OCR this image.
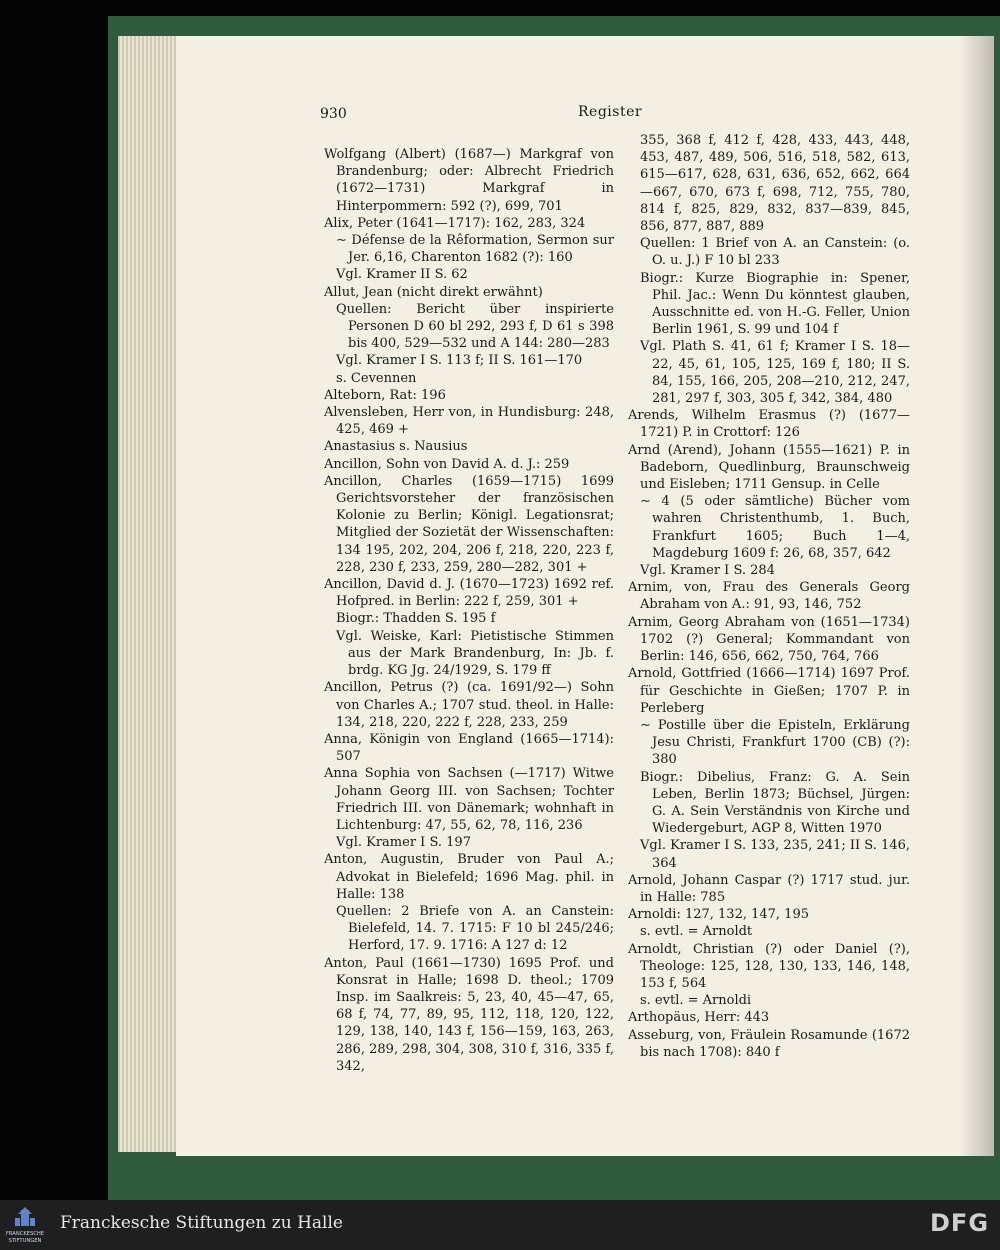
930	Register

Wolfgang (Albert) (1687—) Markgraf von Brandenburg; oder: Albrecht Friedrich (1672—1731) Markgraf in Hinterpommern: 592 (?), 699, 701

Alix, Peter (1641—1717): 162, 283, 324

∼ Défense de la Rêformation, Sermon sur Jer. 6,16, Charenton 1682 (?): 160

Vgl. Kramer II S. 62

Allut, Jean (nicht direkt erwähnt)

Quellen: Bericht über inspirierte Personen D 60 bl 292, 293 f, D 61 s 398 bis 400, 529—532 und A 144: 280—283

Vgl. Kramer I S. 113 f; II S. 161—170

s. Cevennen

Alteborn, Rat: 196

Alvensleben, Herr von, in Hundisburg: 248, 425, 469 +

Anastasius s. Nausius

Ancillon, Sohn von David A. d. J.: 259

Ancillon, Charles (1659—1715) 1699 Gerichtsvorsteher der französischen Kolonie zu Berlin; Königl. Legationsrat; Mitglied der Sozietät der Wissenschaften: 134 195, 202, 204, 206 f, 218, 220, 223 f, 228, 230 f, 233, 259, 280—282, 301 +

Ancillon, David d. J. (1670—1723) 1692 ref. Hofpred. in Berlin: 222 f, 259, 301 +

Biogr.: Thadden S. 195 f

Vgl. Weiske, Karl: Pietistische Stimmen aus der Mark Brandenburg, In: Jb. f. brdg. KG Jg. 24/1929, S. 179 ff

Ancillon, Petrus (?) (ca. 1691/92—) Sohn von Charles A.; 1707 stud. theol. in Halle: 134, 218, 220, 222 f, 228, 233, 259

Anna, Königin von England (1665—1714): 507

Anna Sophia von Sachsen (—1717) Witwe Johann Georg III. von Sachsen; Tochter Friedrich III. von Dänemark; wohnhaft in Lichtenburg: 47, 55, 62, 78, 116, 236

Vgl. Kramer I S. 197

Anton, Augustin, Bruder von Paul A.; Advokat in Bielefeld; 1696 Mag. phil. in Halle: 138

Quellen: 2 Briefe von A. an Canstein: Bielefeld, 14. 7. 1715: F 10 bl 245/246; Herford, 17. 9. 1716: A 127 d: 12

Anton, Paul (1661—1730) 1695 Prof. und Konsrat in Halle; 1698 D. theol.; 1709 Insp. im Saalkreis: 5, 23, 40, 45—47, 65, 68 f, 74, 77, 89, 95, 112, 118, 120, 122, 129, 138, 140, 143 f, 156—159, 163, 263, 286, 289, 298, 304, 308, 310 f, 316, 335 f, 342,

355, 368 f, 412 f, 428, 433, 443, 448, 453, 487, 489, 506, 516, 518, 582, 613, 615—617, 628, 631, 636, 652, 662, 664—667, 670, 673 f, 698, 712, 755, 780, 814 f, 825, 829, 832, 837—839, 845, 856, 877, 887, 889

Quellen: 1 Brief von A. an Canstein: (o. O. u. J.) F 10 bl 233

Biogr.: Kurze Biographie in: Spener, Phil. Jac.: Wenn Du könntest glauben, Ausschnitte ed. von H.-G. Feller, Union Berlin 1961, S. 99 und 104 f

Vgl. Plath S. 41, 61 f; Kramer I S. 18—22, 45, 61, 105, 125, 169 f, 180; II S. 84, 155, 166, 205, 208—210, 212, 247, 281, 297 f, 303, 305 f, 342, 384, 480

Arends, Wilhelm Erasmus (?) (1677—1721) P. in Crottorf: 126

Arnd (Arend), Johann (1555—1621) P. in Badeborn, Quedlinburg, Braunschweig und Eisleben; 1711 Gensup. in Celle

∼ 4 (5 oder sämtliche) Bücher vom wahren Christenthumb, 1. Buch, Frankfurt 1605; Buch 1—4, Magdeburg 1609 f: 26, 68, 357, 642

Vgl. Kramer I S. 284

Arnim, von, Frau des Generals Georg Abraham von A.: 91, 93, 146, 752

Arnim, Georg Abraham von (1651—1734) 1702 (?) General; Kommandant von Berlin: 146, 656, 662, 750, 764, 766

Arnold, Gottfried (1666—1714) 1697 Prof. für Geschichte in Gießen; 1707 P. in Perleberg

∼ Postille über die Episteln, Erklärung Jesu Christi, Frankfurt 1700 (CB) (?): 380

Biogr.: Dibelius, Franz: G. A. Sein Leben, Berlin 1873; Büchsel, Jürgen: G. A. Sein Verständnis von Kirche und Wiedergeburt, AGP 8, Witten 1970

Vgl. Kramer I S. 133, 235, 241; II S. 146, 364

Arnold, Johann Caspar (?) 1717 stud. jur. in Halle: 785

Arnoldi: 127, 132, 147, 195

s. evtl. = Arnoldt

Arnoldt, Christian (?) oder Daniel (?), Theologe: 125, 128, 130, 133, 146, 148, 153 f, 564

s. evtl. = Arnoldi

Arthopäus, Herr: 443

Asseburg, von, Fräulein Rosamunde (1672 bis nach 1708): 840 f

FRANCKESCHE
STIFTUNGEN
Franckesche Stiftungen zu Halle	DFG
